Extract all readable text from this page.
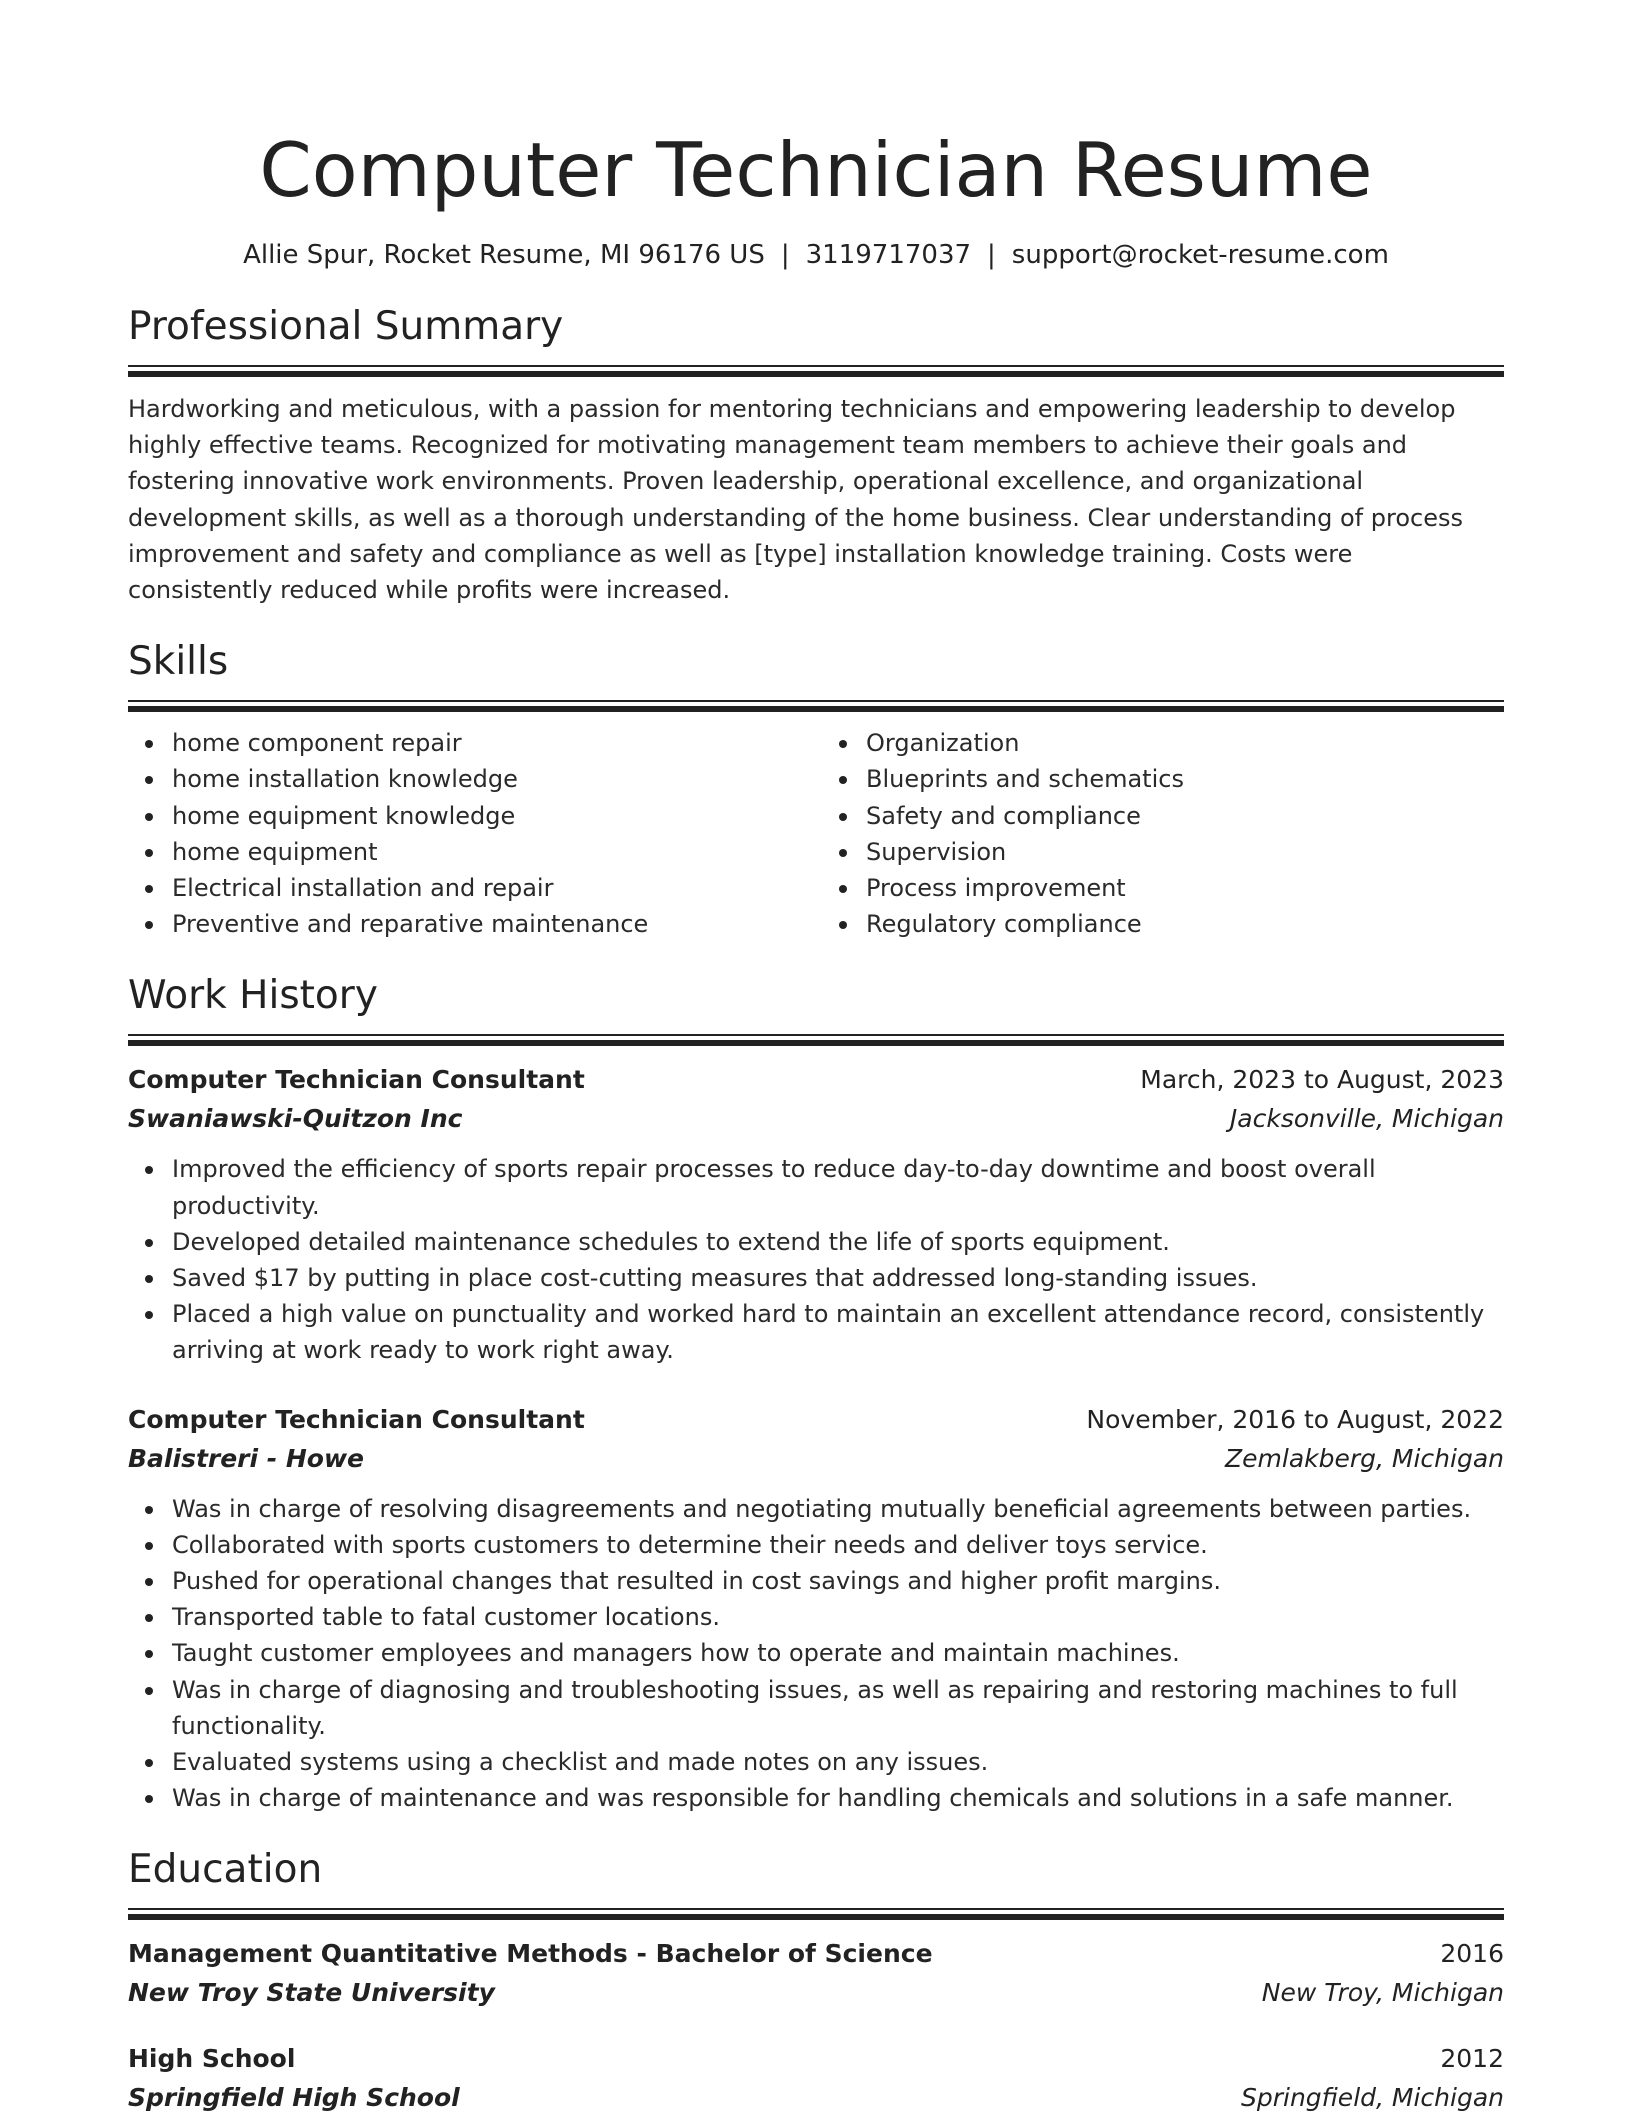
Computer Technician Resume
Allie Spur, Rocket Resume, MI 96176 US | 3119717037 | support@rocket-resume.com
Professional Summary
Hardworking and meticulous, with a passion for mentoring technicians and empowering leadership to develop highly effective teams. Recognized for motivating management team members to achieve their goals and fostering innovative work environments. Proven leadership, operational excellence, and organizational development skills, as well as a thorough understanding of the home business. Clear understanding of process improvement and safety and compliance as well as [type] installation knowledge training. Costs were consistently reduced while profits were increased.
Skills
home component repair
home installation knowledge
home equipment knowledge
home equipment
Electrical installation and repair
Preventive and reparative maintenance
Organization
Blueprints and schematics
Safety and compliance
Supervision
Process improvement
Regulatory compliance
Work History
Computer Technician Consultant	March, 2023 to August, 2023
Swaniawski-Quitzon Inc	Jacksonville, Michigan
Improved the efficiency of sports repair processes to reduce day-to-day downtime and boost overall productivity.
Developed detailed maintenance schedules to extend the life of sports equipment.
Saved $17 by putting in place cost-cutting measures that addressed long-standing issues.
Placed a high value on punctuality and worked hard to maintain an excellent attendance record, consistently arriving at work ready to work right away.
Computer Technician Consultant	November, 2016 to August, 2022
Balistreri - Howe	Zemlakberg, Michigan
Was in charge of resolving disagreements and negotiating mutually beneficial agreements between parties.
Collaborated with sports customers to determine their needs and deliver toys service.
Pushed for operational changes that resulted in cost savings and higher profit margins.
Transported table to fatal customer locations.
Taught customer employees and managers how to operate and maintain machines.
Was in charge of diagnosing and troubleshooting issues, as well as repairing and restoring machines to full functionality.
Evaluated systems using a checklist and made notes on any issues.
Was in charge of maintenance and was responsible for handling chemicals and solutions in a safe manner.
Education
Management Quantitative Methods - Bachelor of Science	2016
New Troy State University	New Troy, Michigan
High School	2012
Springfield High School	Springfield, Michigan
